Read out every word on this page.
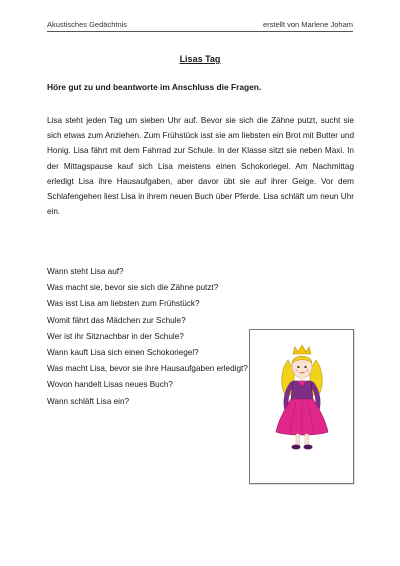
Akustisches Gedächtnis	erstellt von Marlene Joham
Lisas Tag
Höre gut zu und beantworte im Anschluss die Fragen.
Lisa steht jeden Tag um sieben Uhr auf. Bevor sie sich die Zähne putzt, sucht sie sich etwas zum Anziehen. Zum Frühstück isst sie am liebsten ein Brot mit Butter und Honig. Lisa fährt mit dem Fahrrad zur Schule. In der Klasse sitzt sie neben Maxi. In der Mittagspause kauf sich Lisa meistens einen Schokoriegel. Am Nachmittag erledigt Lisa ihre Hausaufgaben, aber davor übt sie auf ihrer Geige. Vor dem Schlafengehen liest Lisa in ihrem neuen Buch über Pferde. Lisa schläft um neun Uhr ein.
Wann steht Lisa auf?
Was macht sie, bevor sie sich die Zähne putzt?
Was isst Lisa am liebsten zum Frühstück?
Womit fährt das Mädchen zur Schule?
Wer ist ihr Sitznachbar in der Schule?
Wann kauft Lisa sich einen Schokoriegel?
Was macht Lisa, bevor sie ihre Hausaufgaben erledigt?
Wovon handelt Lisas neues Buch?
Wann schläft Lisa ein?
